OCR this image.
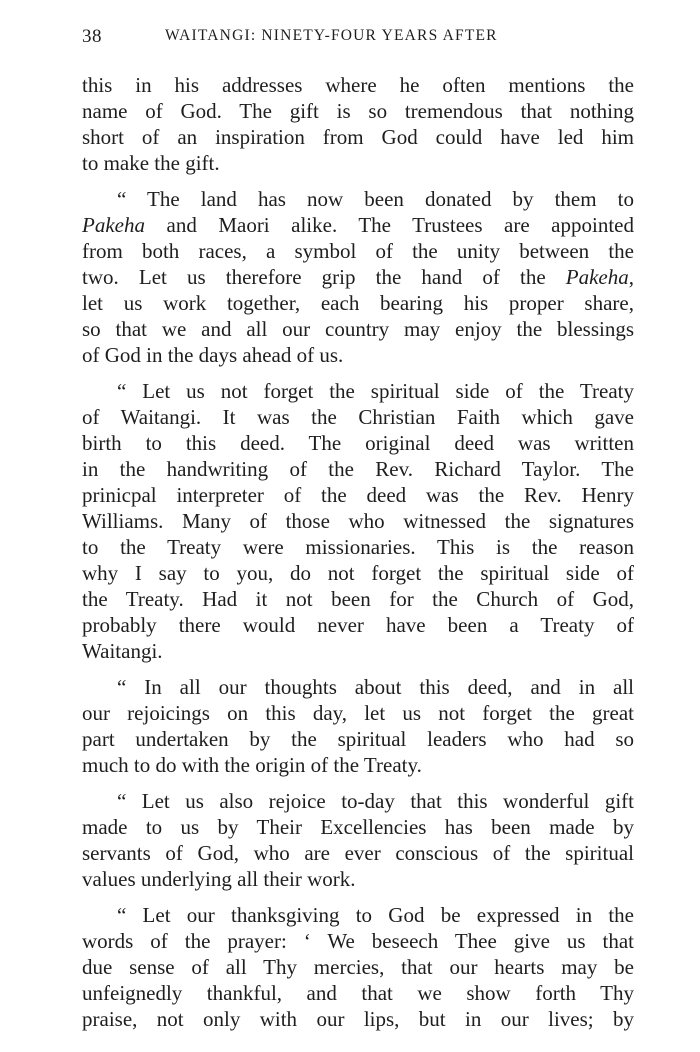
38	WAITANGI: NINETY-FOUR YEARS AFTER
this in his addresses where he often mentions the
name of God. The gift is so tremendous that nothing
short of an inspiration from God could have led him
to make the gift.
“ The land has now been donated by them to
Pakeha and Maori alike. The Trustees are appointed
from both races, a symbol of the unity between the
two. Let us therefore grip the hand of the Pakeha,
let us work together, each bearing his proper share,
so that we and all our country may enjoy the blessings
of God in the days ahead of us.
“ Let us not forget the spiritual side of the Treaty
of Waitangi. It was the Christian Faith which gave
birth to this deed. The original deed was written
in the handwriting of the Rev. Richard Taylor. The
prinicpal interpreter of the deed was the Rev. Henry
Williams. Many of those who witnessed the signatures
to the Treaty were missionaries. This is the reason
why I say to you, do not forget the spiritual side of
the Treaty. Had it not been for the Church of God,
probably there would never have been a Treaty of
Waitangi.
“ In all our thoughts about this deed, and in all
our rejoicings on this day, let us not forget the great
part undertaken by the spiritual leaders who had so
much to do with the origin of the Treaty.
“ Let us also rejoice to-day that this wonderful gift
made to us by Their Excellencies has been made by
servants of God, who are ever conscious of the spiritual
values underlying all their work.
“ Let our thanksgiving to God be expressed in the
words of the prayer: ‘ We beseech Thee give us that
due sense of all Thy mercies, that our hearts may be
unfeignedly thankful, and that we show forth Thy
praise, not only with our lips, but in our lives; by
